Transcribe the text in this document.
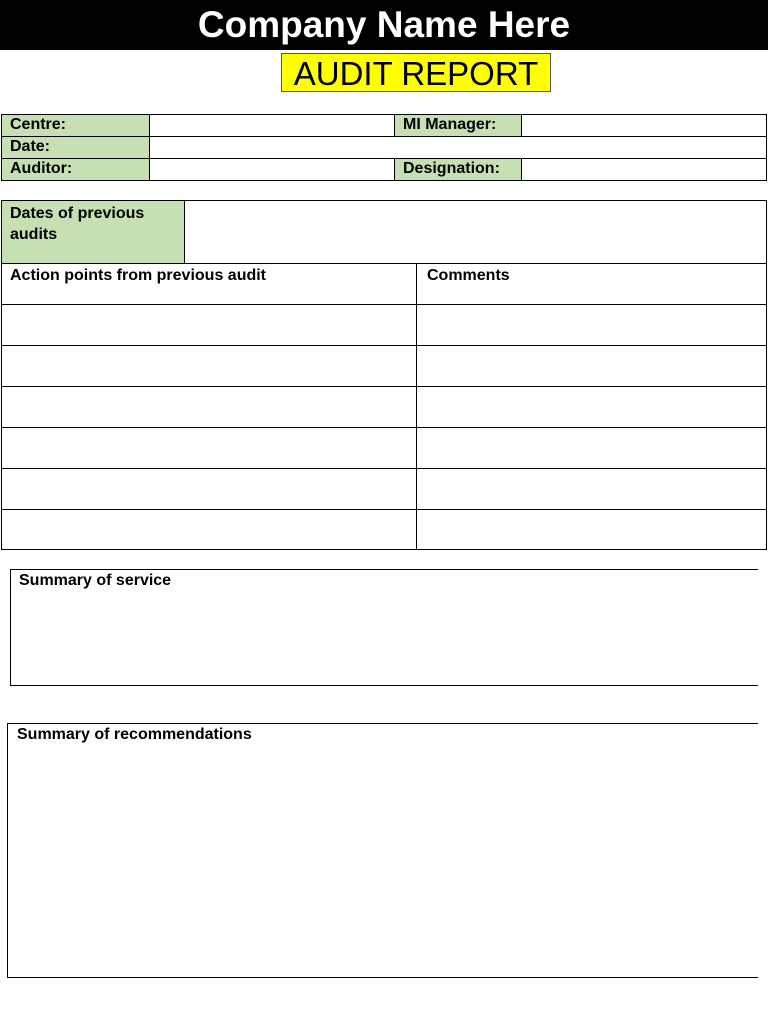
Company Name Here
AUDIT REPORT
Centre:	MI Manager:
Date:
Auditor:	Designation:
Dates of previous audits
Action points from previous audit	Comments
Summary of service
Summary of recommendations
